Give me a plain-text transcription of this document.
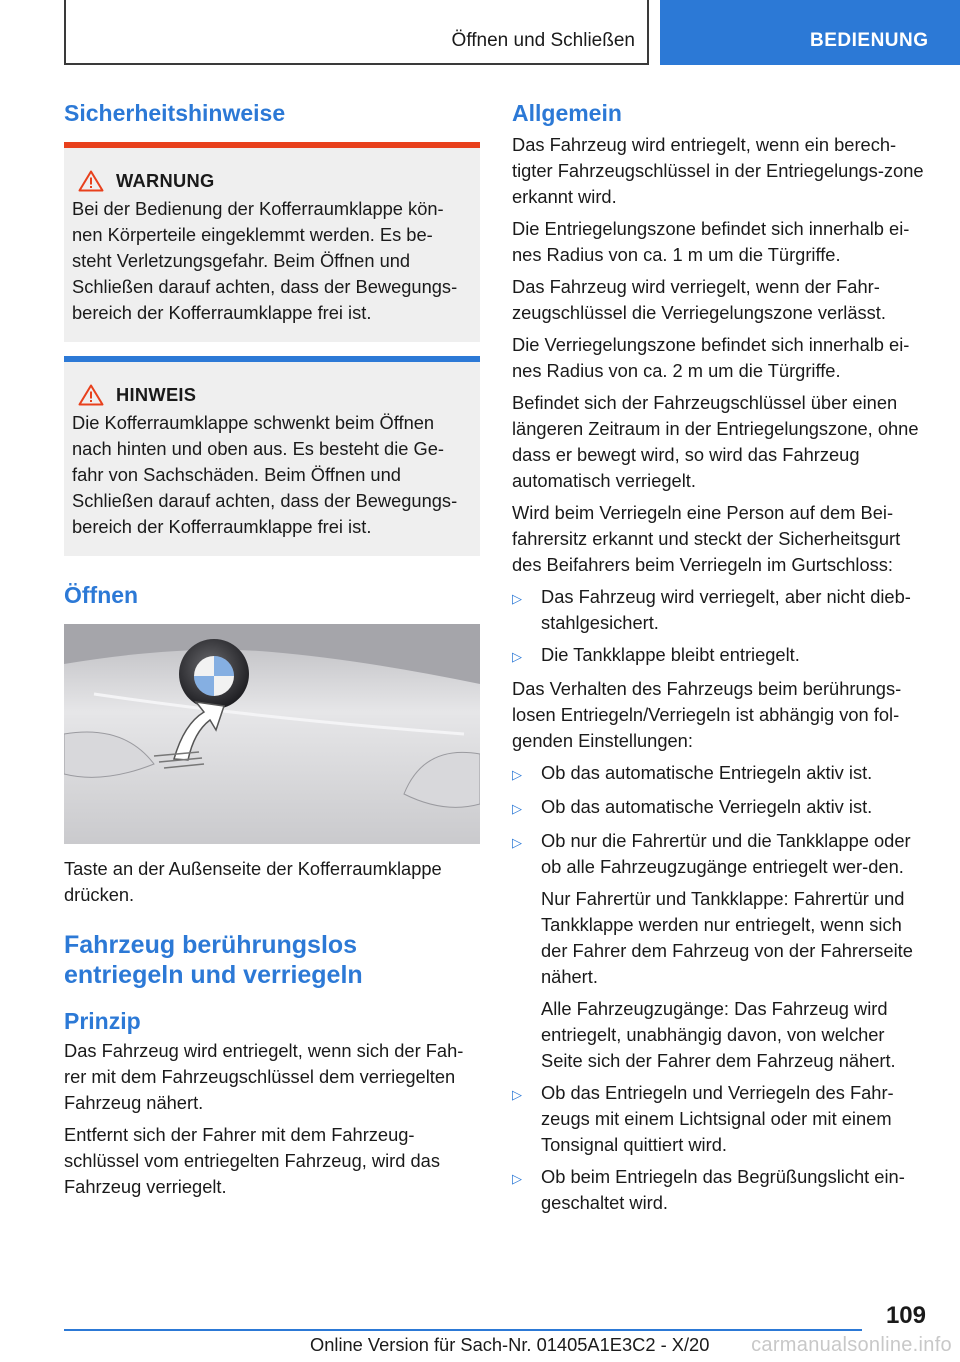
Öffnen und Schließen	BEDIENUNG
Sicherheitshinweise
WARNUNG

Bei der Bedienung der Kofferraumklappe kön-nen Körperteile eingeklemmt werden. Es be-steht Verletzungsgefahr. Beim Öffnen und Schließen darauf achten, dass der Bewegungs-bereich der Kofferraumklappe frei ist.

HINWEIS

Die Kofferraumklappe schwenkt beim Öffnen nach hinten und oben aus. Es besteht die Ge-fahr von Sachschäden. Beim Öffnen und Schließen darauf achten, dass der Bewegungs-bereich der Kofferraumklappe frei ist.

Öffnen

Taste an der Außenseite der Kofferraumklappe drücken.

Fahrzeug berührungslos entriegeln und verriegeln
Prinzip

Das Fahrzeug wird entriegelt, wenn sich der Fah-rer mit dem Fahrzeugschlüssel dem verriegelten Fahrzeug nähert.

Entfernt sich der Fahrer mit dem Fahrzeug-schlüssel vom entriegelten Fahrzeug, wird das Fahrzeug verriegelt.

Allgemein

Das Fahrzeug wird entriegelt, wenn ein berech-tigter Fahrzeugschlüssel in der Entriegelungs-zone erkannt wird.

Die Entriegelungszone befindet sich innerhalb ei-nes Radius von ca. 1 m um die Türgriffe.

Das Fahrzeug wird verriegelt, wenn der Fahr-zeugschlüssel die Verriegelungszone verlässt.

Die Verriegelungszone befindet sich innerhalb ei-nes Radius von ca. 2 m um die Türgriffe.

Befindet sich der Fahrzeugschlüssel über einen längeren Zeitraum in der Entriegelungszone, ohne dass er bewegt wird, so wird das Fahrzeug automatisch verriegelt.

Wird beim Verriegeln eine Person auf dem Bei-fahrersitz erkannt und steckt der Sicherheitsgurt des Beifahrers beim Verriegeln im Gurtschloss:

▷	Das Fahrzeug wird verriegelt, aber nicht dieb-stahlgesichert.
▷	Die Tankklappe bleibt entriegelt.

Das Verhalten des Fahrzeugs beim berührungs-losen Entriegeln/Verriegeln ist abhängig von fol-genden Einstellungen:

▷	Ob das automatische Entriegeln aktiv ist.
▷	Ob das automatische Verriegeln aktiv ist.
▷	Ob nur die Fahrertür und die Tankklappe oder ob alle Fahrzeugzugänge entriegelt wer-den.

Nur Fahrertür und Tankklappe: Fahrertür und Tankklappe werden nur entriegelt, wenn sich der Fahrer dem Fahrzeug von der Fahrerseite nähert.

Alle Fahrzeugzugänge: Das Fahrzeug wird entriegelt, unabhängig davon, von welcher Seite sich der Fahrer dem Fahrzeug nähert.

▷	Ob das Entriegeln und Verriegeln des Fahr-zeugs mit einem Lichtsignal oder mit einem Tonsignal quittiert wird.
▷	Ob beim Entriegeln das Begrüßungslicht ein-geschaltet wird.
109
Online Version für Sach-Nr. 01405A1E3C2 - X/20 carmanualsonline.info
